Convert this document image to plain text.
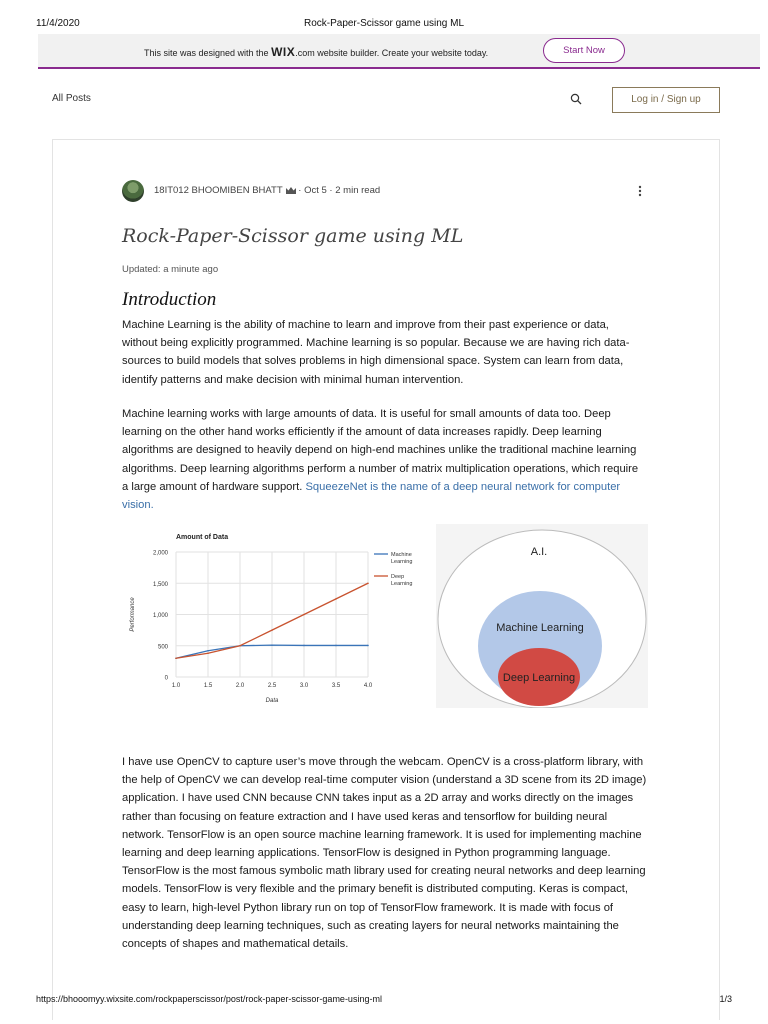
11/4/2020	Rock-Paper-Scissor game using ML
This site was designed with the WIX.com website builder. Create your website today.	Start Now
All Posts	Log in / Sign up
18IT012 BHOOMIBEN BHATT · Oct 5 · 2 min read
Rock-Paper-Scissor game using ML
Updated: a minute ago
Introduction

Machine Learning is the ability of machine to learn and improve from their past experience or data, without being explicitly programmed. Machine learning is so popular. Because we are having rich data-sources to build models that solves problems in high dimensional space. System can learn from data, identify patterns and make decision with minimal human intervention.

Machine learning works with large amounts of data. It is useful for small amounts of data too. Deep learning on the other hand works efficiently if the amount of data increases rapidly. Deep learning algorithms are designed to heavily depend on high-end machines unlike the traditional machine learning algorithms. Deep learning algorithms perform a number of matrix multiplication operations, which require a large amount of hardware support. SqueezeNet is the name of a deep neural network for computer vision.

Amount of Data
0
500
1,000
1,500
2,000
1.0	1.5	2.0	2.5	3.0	3.5	4.0
Data
Performance
Machine
Learning
Deep
Learning
A.I.
Machine Learning
Deep Learning

I have use OpenCV to capture user’s move through the webcam. OpenCV is a cross-platform library, with the help of OpenCV we can develop real-time computer vision (understand a 3D scene from its 2D image) application. I have used CNN because CNN takes input as a 2D array and works directly on the images rather than focusing on feature extraction and I have used keras and tensorflow for building neural network. TensorFlow is an open source machine learning framework. It is used for implementing machine learning and deep learning applications. TensorFlow is designed in Python programming language. TensorFlow is the most famous symbolic math library used for creating neural networks and deep learning models. TensorFlow is very flexible and the primary benefit is distributed computing. Keras is compact, easy to learn, high-level Python library run on top of TensorFlow framework. It is made with focus of understanding deep learning techniques, such as creating layers for neural networks maintaining the concepts of shapes and mathematical details.

https://bhooomyy.wixsite.com/rockpaperscissor/post/rock-paper-scissor-game-using-ml	1/3
